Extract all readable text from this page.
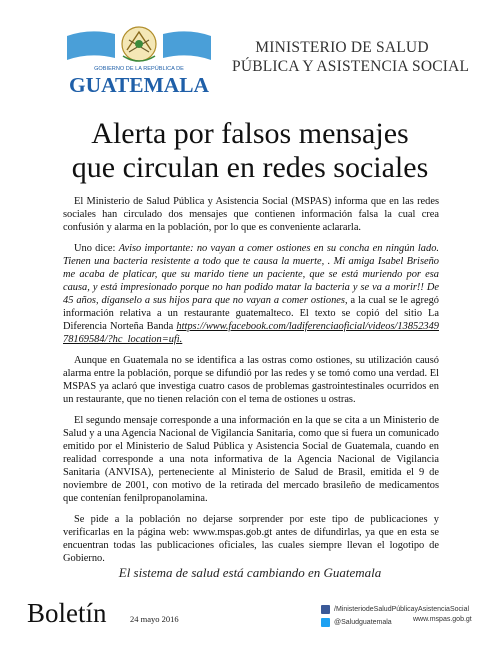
GOBIERNO DE LA REPÚBLICA DE
GUATEMALA
MINISTERIO DE SALUD
PÚBLICA Y ASISTENCIA SOCIAL
Alerta por falsos mensajes
que circulan en redes sociales

El Ministerio de Salud Pública y Asistencia Social (MSPAS) informa que en las redes sociales han circulado dos mensajes que contienen información falsa la cual crea confusión y alarma en la población, por lo que es conveniente aclararla.

Uno dice: Aviso importante: no vayan a comer ostiones en su concha en ningún lado. Tienen una bacteria resistente a todo que te causa la muerte, . Mi amiga Isabel Briseño me acaba de platicar, que su marido tiene un paciente, que se está muriendo por esa causa, y está impresionado porque no han podido matar la bacteria y se va a morir!! De 45 años, díganselo a sus hijos para que no vayan a comer ostiones, a la cual se le agregó información relativa a un restaurante guatemalteco. El texto se copió del sitio La Diferencia Norteña Banda https://www.facebook.com/ladiferenciaoficial/videos/1385234978169584/?hc_location=ufi.

Aunque en Guatemala no se identifica a las ostras como ostiones, su utilización causó alarma entre la población, porque se difundió por las redes y se tomó como una verdad. El MSPAS ya aclaró que investiga cuatro casos de problemas gastrointestinales ocurridos en un restaurante, que no tienen relación con el tema de ostiones u ostras.

El segundo mensaje corresponde a una información en la que se cita a un Ministerio de Salud y a una Agencia Nacional de Vigilancia Sanitaria, como que si fuera un comunicado emitido por el Ministerio de Salud Pública y Asistencia Social de Guatemala, cuando en realidad corresponde a una nota informativa de la Agencia Nacional de Vigilancia Sanitaria (ANVISA), perteneciente al Ministerio de Salud de Brasil, emitida el 9 de noviembre de 2001, con motivo de la retirada del mercado brasileño de medicamentos que contenían fenilpropanolamina.

Se pide a la población no dejarse sorprender por este tipo de publicaciones y verificarlas en la página web: www.mspas.gob.gt antes de difundirlas, ya que en esta se encuentran todas las publicaciones oficiales, las cuales siempre llevan el logotipo de Gobierno.

El sistema de salud está cambiando en Guatemala
Boletín	24 mayo 2016
/MinisteriodeSaludPúblicayAsistenciaSocial
@Saludguatemala	www.mspas.gob.gt
